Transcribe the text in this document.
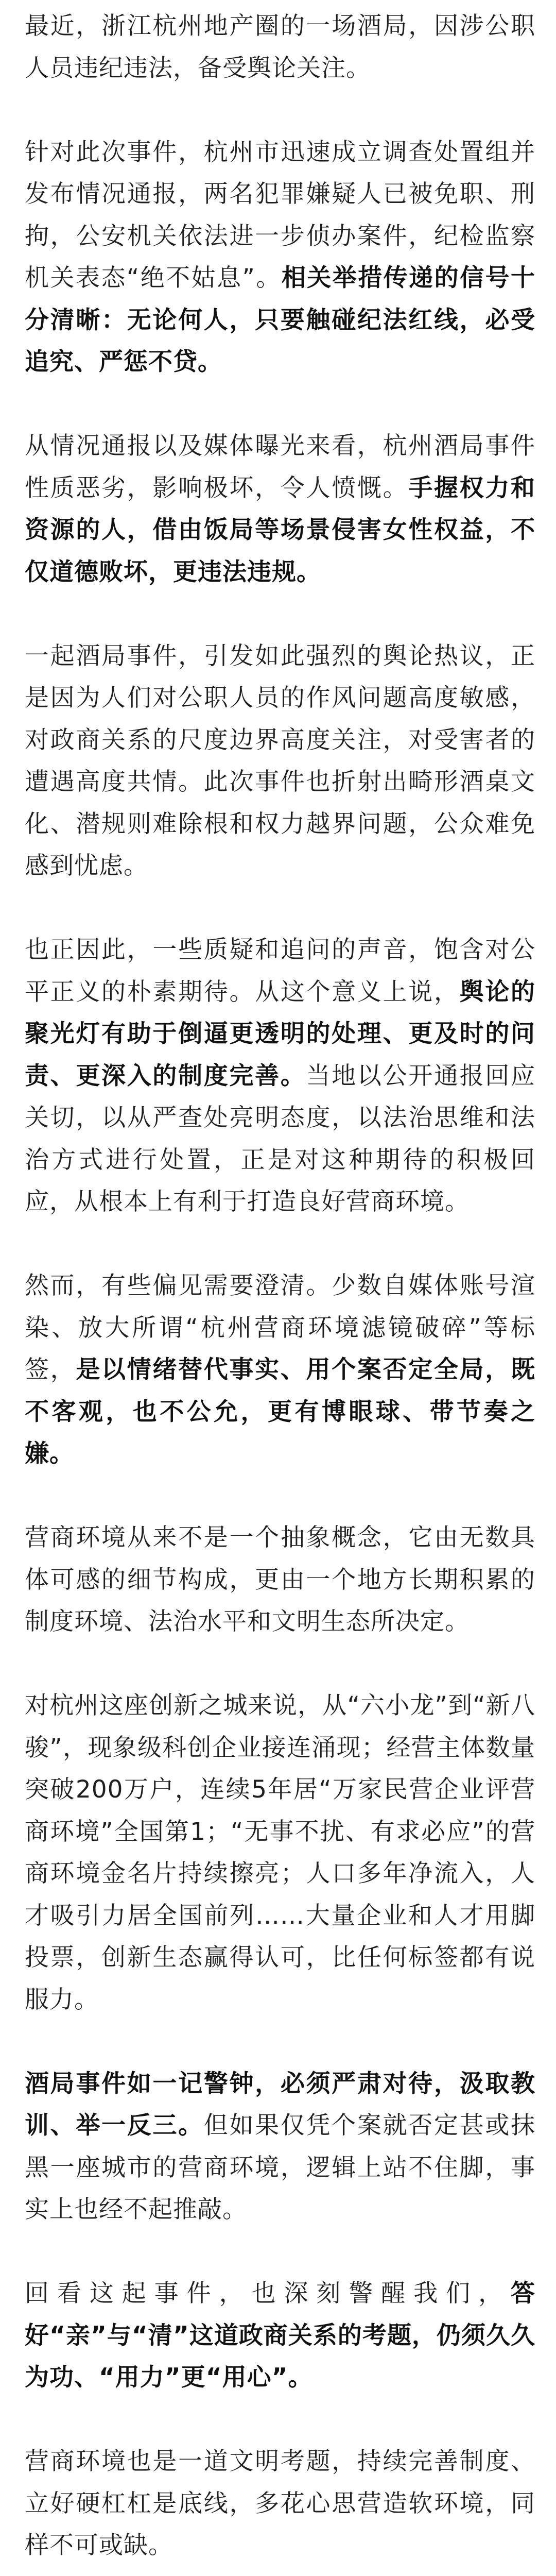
最近，浙江杭州地产圈的一场酒局，因涉公职人员违纪违法，备受舆论关注。

针对此次事件，杭州市迅速成立调查处置组并发布情况通报，两名犯罪嫌疑人已被免职、刑拘，公安机关依法进一步侦办案件，纪检监察机关表态“绝不姑息”。相关举措传递的信号十分清晰：无论何人，只要触碰纪法红线，必受追究、严惩不贷。

从情况通报以及媒体曝光来看，杭州酒局事件性质恶劣，影响极坏，令人愤慨。手握权力和资源的人，借由饭局等场景侵害女性权益，不仅道德败坏，更违法违规。

一起酒局事件，引发如此强烈的舆论热议，正是因为人们对公职人员的作风问题高度敏感，对政商关系的尺度边界高度关注，对受害者的遭遇高度共情。此次事件也折射出畸形酒桌文化、潜规则难除根和权力越界问题，公众难免感到忧虑。

也正因此，一些质疑和追问的声音，饱含对公平正义的朴素期待。从这个意义上说，舆论的聚光灯有助于倒逼更透明的处理、更及时的问责、更深入的制度完善。当地以公开通报回应关切，以从严查处亮明态度，以法治思维和法治方式进行处置，正是对这种期待的积极回应，从根本上有利于打造良好营商环境。

然而，有些偏见需要澄清。少数自媒体账号渲染、放大所谓“杭州营商环境滤镜破碎”等标签，是以情绪替代事实、用个案否定全局，既不客观，也不公允，更有博眼球、带节奏之嫌。

营商环境从来不是一个抽象概念，它由无数具体可感的细节构成，更由一个地方长期积累的制度环境、法治水平和文明生态所决定。

对杭州这座创新之城来说，从“六小龙”到“新八骏”，现象级科创企业接连涌现；经营主体数量突破200万户，连续5年居“万家民营企业评营商环境”全国第1；“无事不扰、有求必应”的营商环境金名片持续擦亮；人口多年净流入，人才吸引力居全国前列……大量企业和人才用脚投票，创新生态赢得认可，比任何标签都有说服力。

酒局事件如一记警钟，必须严肃对待，汲取教训、举一反三。但如果仅凭个案就否定甚或抹黑一座城市的营商环境，逻辑上站不住脚，事实上也经不起推敲。

回看这起事件，也深刻警醒我们，答好“亲”与“清”这道政商关系的考题，仍须久久为功、“用力”更“用心”。

营商环境也是一道文明考题，持续完善制度、立好硬杠杠是底线，多花心思营造软环境，同样不可或缺。
